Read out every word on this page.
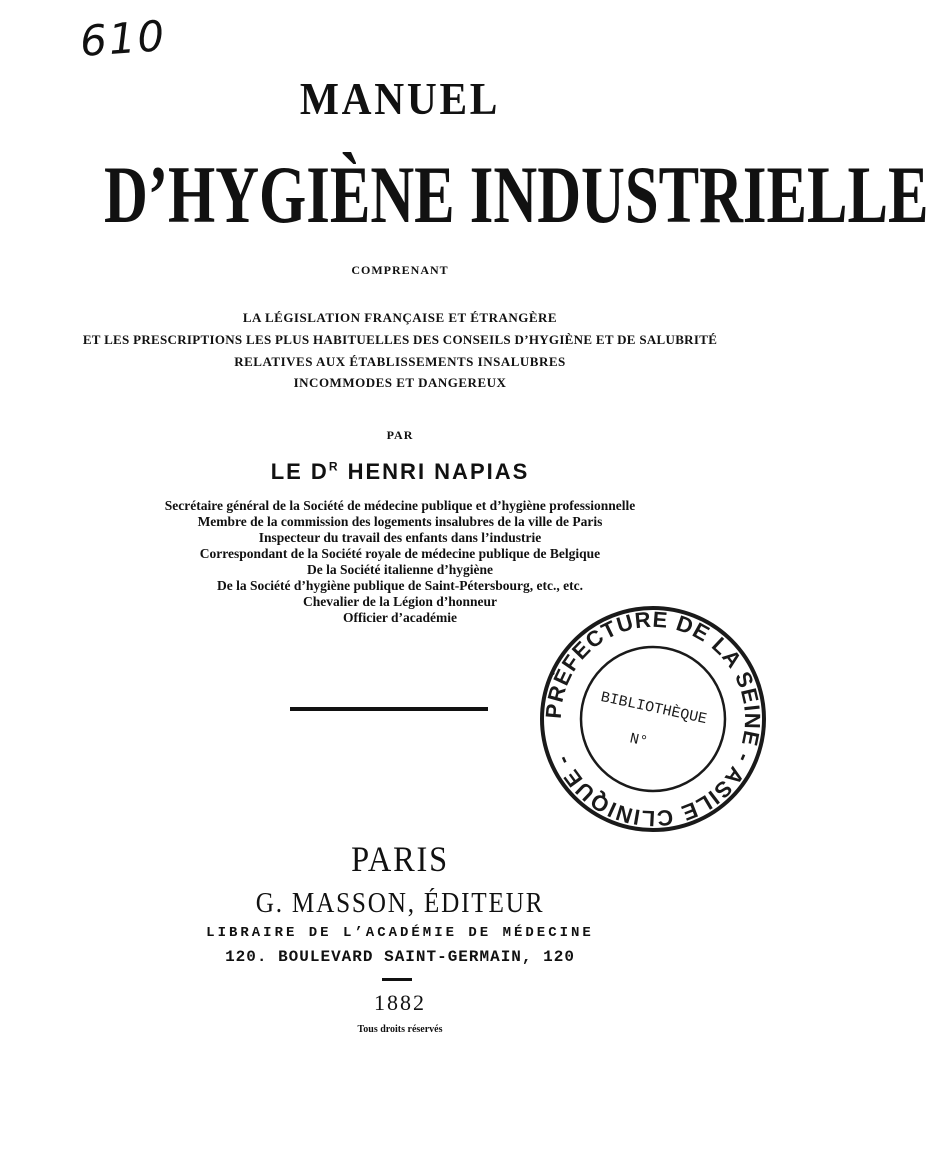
610
MANUEL
D’HYGIÈNE INDUSTRIELLE
COMPRENANT
LA LÉGISLATION FRANÇAISE ET ÉTRANGÈRE
ET LES PRESCRIPTIONS LES PLUS HABITUELLES DES CONSEILS D’HYGIÈNE ET DE SALUBRITÉ
RELATIVES AUX ÉTABLISSEMENTS INSALUBRES
INCOMMODES ET DANGEREUX
PAR
LE $D^R$ HENRI NAPIAS
Secrétaire général de la Société de médecine publique et d’hygiène professionnelle
Membre de la commission des logements insalubres de la ville de Paris
Inspecteur du travail des enfants dans l’industrie
Correspondant de la Société royale de médecine publique de Belgique
De la Société italienne d’hygiène
De la Société d’hygiène publique de Saint-Pétersbourg, etc., etc.
Chevalier de la Légion d’honneur
Officier d’académie
PRÉFECTURE DE LA SEINE - ASILE CLINIQUE -
BIBLIOTHÈQUE
N°
PARIS
G. MASSON, ÉDITEUR
LIBRAIRE DE L’ACADÉMIE DE MÉDECINE
120. BOULEVARD SAINT-GERMAIN, 120
1882
Tous droits réservés
